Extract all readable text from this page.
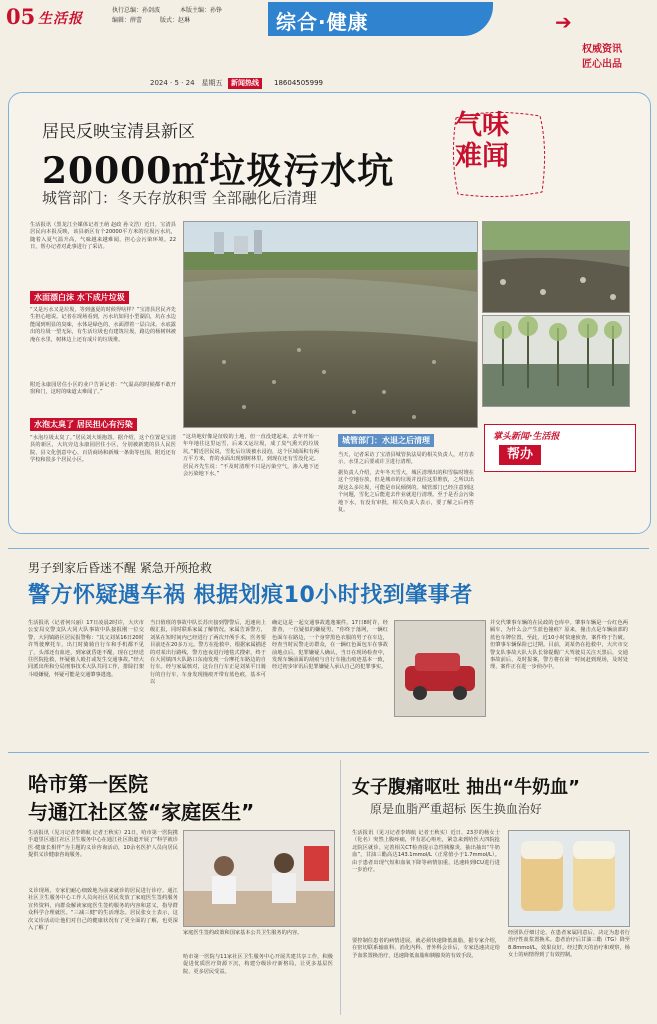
05 生活报
执行总编：孙剑波	本版主编：孙铮
编辑：薛蕾	版式：赵琳	综合·健康	➔
权威资讯
匠心出品
2024 · 5 · 24　星期五	新闻热线	18604505999
居民反映宝清县新区
20000㎡垃圾污水坑
城管部门：冬天存放积雪 全部融化后清理
气味
难闻
生活报讯（黑龙江全媒体记者王萌 赵政 孙文浩）近日，宝清县居民向本报反映，该县新区有个20000平方米的垃圾污水坑，随着入夏气温升高，气味越来越难闻，担心会污染环境。22日，帮办记者对此事进行了采访。
水面漂白沫 水下成片垃圾
“又是污水又是垃圾，等到盛夏的时候得啥样？”宝清县居民齐先生担心地说。记者在现场看到，污水坑如同小型湖泊，坑在水边能闻到明显的臭味，水体是绿色的，水面漂着一层白沫。水底露出的垃圾一望无际，有生活垃圾也有建筑垃圾，路边的杨树林被淹在水里，树林边上还有成片的垃圾堆。
附近永康园居住小区的业户告诉记者：“气温高的时候都不敢开窗和门，这时的味道太难闻了。”
水泡太臭了 居民担心有污染
“水泡垃圾太臭了。”居民刘大姐抱怨。据介绍，这个位置是宝清县的新区，大坑旁边永康园居住小区，分别被新建的县人民医院、县文化创意中心、百货商场和新城一条街等包围，附近还有学校和很多个居民小区。
“这块地好像是征收的土地，但一直没建起来，去年开始一年年地往这里运雪，后来又运垃圾，成了臭气熏天的垃圾坑。”附近居民说，雪化后垃圾被水浸泡，这个区域面积有两万平方米，育的水面出现到树林里，到现在还有雪没化完。居民齐先生说：“不及时清理不只是污染空气，渗入地下还会污染地下水。”
城管部门：水退之后清理
当天，记者采访了宝清县城管执法局的相关负责人，对方表示，水里之后要或许卫进行清理。
据负责人介绍，去年冬天雪大，城区清理出的积雪临时堆在这个空地存放，但是城市的垃圾并没往这里堆放，之所以出现这么多垃圾，可能是市民倾倒的。城管部门已经注意到这个问题，雪化之后能进去作业就进行清理。至于是否会污染地下水，有没有审批，相关负责人表示，要了解之后再答复。
掌头新闻·生活报
帮办
男子到家后昏迷不醒 紧急开颅抢救
警方怀疑遇车祸 根据划痕10小时找到肇事者
生活报讯（记者何兴丽）17日凌晨2时许，大庆市公安局交警支队大同大队事故中队接报刚一位交警，大同镇路区居民报警称：“其父刘某16日20时许驾驶摩托车，出门时骑骑自行车和手机都不见了，头部还有血迹，到家就昏迷不醒，现在已经送往医院抢救，怀疑被人殴打或发生交通事故。”经大同派出所和分局刑事技术大队共同工作，排除打架斗殴嫌疑，怀疑可能是交通肇事逃逸。
当日值班的事故中队长苏庆接到警警后，迅速向上级汇报，同时联系家属了解情况。家属告诉警方，刘某在短时间内已经进行了两次开颅手术，医务要目前还在20多万元。警方在抢救中，根据家属描述的对某出行路线，警方连夜进行地毯式搜索，终于在大同镇四大队路口东南发现一台摩托车路边的自行车。经与家属核对，这台自行车正是刘某平日骑行的自行车，车身发现撞痕开带有蓝色痕，基本可以
确定这是一起交通事故逃逸案件。17日8时许，经排查，一位疑似的嫌疑男，“你终于落网，一辆红色面车在路边，一个身穿黑色衣服的男子在车边，经查当时民警走访群众，在一辆红色面包车在事故前地点后，犯罪嫌疑人确认，当日在现场检查中，发现车辆前面的刮痕与自行车撞击痕迹基本一致，经过初步审讯后犯罪嫌疑人承认自己的犯罪事实。
并交代肇事车辆的在民政的仓库中。肇事车辆是一台红色两厢车，为什么会产生蓝色撞痕？原来，撞击点是车辆前部的蓝色车牌位置。至此，近10小时快速侦查，案件终于告破。但肇事车辆保险已过期。目前，刘某仍在抢救中，大庆市交警支队事故大队大队长徐提醒广大驾驶员关注天黑后，交通事故前后，及时报案，警方将在第一时间赶到现场，及时处理，案件正在进一步侦办中。
哈市第一医院
与通江社区签“家庭医生”
生活报讯（见习记者李锦航 记者王秋实）21日，哈市第一医院携手道里区通江社区卫生服务中心在通江社区街道开展了“科学就诊医·健康长相伴”为主题的义诊咨询活动，10余名医护人员向居民提供义诊健康咨询服务。
义诊现场，专家们耐心细致地为前来就诊的居民进行诊疗。通江社区卫生服务中心工作人员向社区居民发放了家庭医生签约服务宣传资料，向群众解读家庭医生签约服务的内容和意义，指导群众科学合理就医。“三减三健”的生活理念。居民张女士表示，这次义诊活动让他们对自己的健康状况有了更全面的了解，也更深入了解了
家庭医生签约政策和国家基本公共卫生服务的内容。
哈市第一医院与11家社区卫生服务中心开展共建共享工作，积极促进优质医疗资源下沉，构建分级诊疗新格局，让更多基层医院、更多居民受益。
女子腹痛呕吐 抽出“牛奶血”
原是血脂严重超标 医生换血治好
生活报讯（见习记者李锦航 记者王秋实）近日，23岁的杨女士（化名）突然上腹疼痛，伴有恶心呕吐，紧急来到哈医大四院抢北院区就诊。完善相关CT检查提示急性胰腺炎，抽出抽出“牛奶血”，甘油三酯高达143.1mmol/L（正常值小于1.7mmol/L）。由于患者出现气短和血氧下降等病情加重，迅速转到ICU进行进一步治疗。
要控制住患者的病情进展，就必须快速降低血脂，据专家介绍，在密切联系输血科、消化内科、普外科会诊后，专家迅速决定给予血浆置换治疗，迅速降低血脂和胰腺炎的有效手段。
经团队仔细讨论、在患者家属同意后，决定为患者行治疗性血浆置换术。患者治疗后甘油三酯（TG）降至8.8mmol/L，效果良好。经过数天的治疗和观察，杨女士的病情得到了有效控制。
